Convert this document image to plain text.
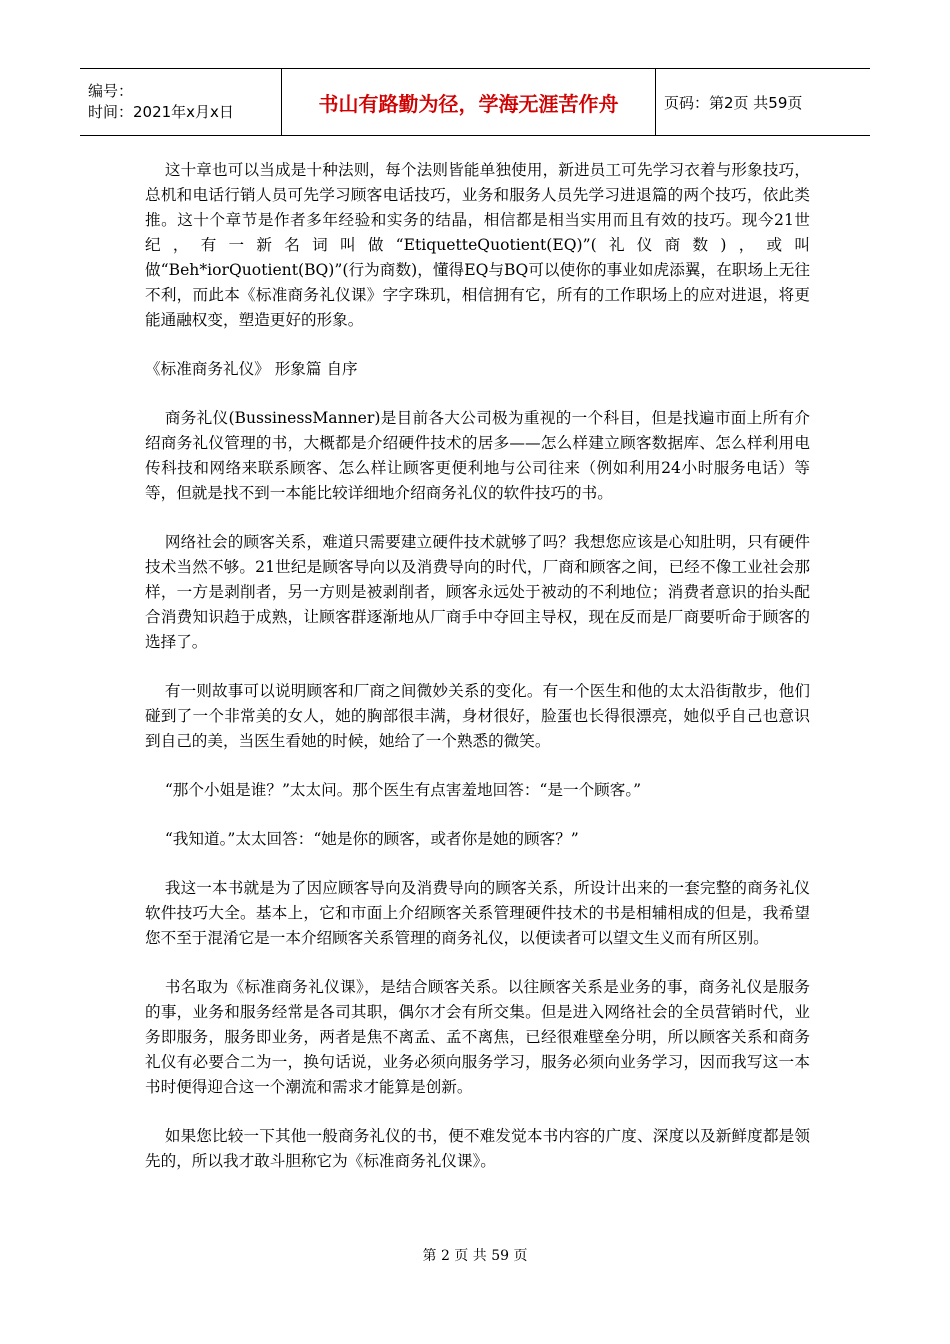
编号：
时间：2021年x月x日	书山有路勤为径，学海无涯苦作舟	页码：第2页 共59页

这十章也可以当成是十种法则，每个法则皆能单独使用，新进员工可先学习衣着与形象技巧，总机和电话行销人员可先学习顾客电话技巧，业务和服务人员先学习进退篇的两个技巧，依此类推。这十个章节是作者多年经验和实务的结晶，相信都是相当实用而且有效的技巧。现今21世纪，有一新名词叫做“EtiquetteQuotient(EQ)”(礼仪商数)，或叫做“Beh*iorQuotient(BQ)”(行为商数)，懂得EQ与BQ可以使你的事业如虎添翼，在职场上无往不利，而此本《标准商务礼仪课》字字珠玑，相信拥有它，所有的工作职场上的应对进退，将更能通融权变，塑造更好的形象。

《标准商务礼仪》 形象篇 自序

商务礼仪(BussinessManner)是目前各大公司极为重视的一个科目，但是找遍市面上所有介绍商务礼仪管理的书，大概都是介绍硬件技术的居多——怎么样建立顾客数据库、怎么样利用电传科技和网络来联系顾客、怎么样让顾客更便利地与公司往来（例如利用24小时服务电话）等等，但就是找不到一本能比较详细地介绍商务礼仪的软件技巧的书。

网络社会的顾客关系，难道只需要建立硬件技术就够了吗？我想您应该是心知肚明，只有硬件技术当然不够。21世纪是顾客导向以及消费导向的时代，厂商和顾客之间，已经不像工业社会那样，一方是剥削者，另一方则是被剥削者，顾客永远处于被动的不利地位；消费者意识的抬头配合消费知识趋于成熟，让顾客群逐渐地从厂商手中夺回主导权，现在反而是厂商要听命于顾客的选择了。

有一则故事可以说明顾客和厂商之间微妙关系的变化。有一个医生和他的太太沿街散步，他们碰到了一个非常美的女人，她的胸部很丰满，身材很好，脸蛋也长得很漂亮，她似乎自己也意识到自己的美，当医生看她的时候，她给了一个熟悉的微笑。

“那个小姐是谁？”太太问。那个医生有点害羞地回答：“是一个顾客。”

“我知道。”太太回答：“她是你的顾客，或者你是她的顾客？”

我这一本书就是为了因应顾客导向及消费导向的顾客关系，所设计出来的一套完整的商务礼仪软件技巧大全。基本上，它和市面上介绍顾客关系管理硬件技术的书是相辅相成的但是，我希望您不至于混淆它是一本介绍顾客关系管理的商务礼仪，以便读者可以望文生义而有所区别。

书名取为《标准商务礼仪课》，是结合顾客关系。以往顾客关系是业务的事，商务礼仪是服务的事，业务和服务经常是各司其职，偶尔才会有所交集。但是进入网络社会的全员营销时代，业务即服务，服务即业务，两者是焦不离孟、孟不离焦，已经很难壁垒分明，所以顾客关系和商务礼仪有必要合二为一，换句话说，业务必须向服务学习，服务必须向业务学习，因而我写这一本书时便得迎合这一个潮流和需求才能算是创新。

如果您比较一下其他一般商务礼仪的书，便不难发觉本书内容的广度、深度以及新鲜度都是领先的，所以我才敢斗胆称它为《标准商务礼仪课》。

第 2 页 共 59 页
